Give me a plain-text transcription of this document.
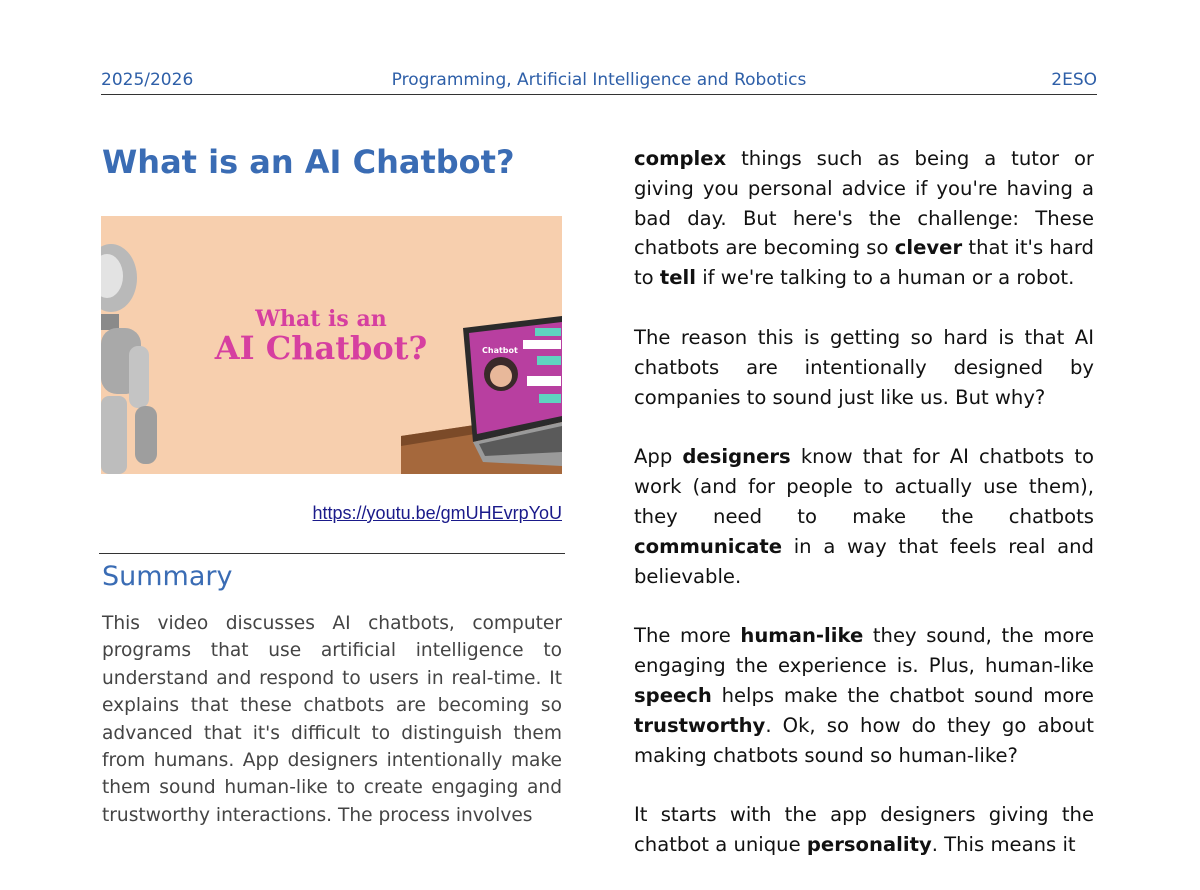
2025/2026	Programming, Artificial Intelligence and Robotics	2ESO
What is an AI Chatbot?
What is an
AI Chatbot?	Chatbot
https://youtu.be/gmUHEvrpYoU
Summary

This video discusses AI chatbots, computer programs that use artificial intelligence to understand and respond to users in real-time. It explains that these chatbots are becoming so advanced that it's difficult to distinguish them from humans. App designers intentionally make them sound human-like to create engaging and trustworthy interactions. The process involves

complex things such as being a tutor or giving you personal advice if you're having a bad day. But here's the challenge: These chatbots are becoming so clever that it's hard to tell if we're talking to a human or a robot.

The reason this is getting so hard is that AI chatbots are intentionally designed by companies to sound just like us. But why?

App designers know that for AI chatbots to work (and for people to actually use them), they need to make the chatbots communicate in a way that feels real and believable.

The more human-like they sound, the more engaging the experience is. Plus, human-like speech helps make the chatbot sound more trustworthy. Ok, so how do they go about making chatbots sound so human-like?

It starts with the app designers giving the chatbot a unique personality. This means it
